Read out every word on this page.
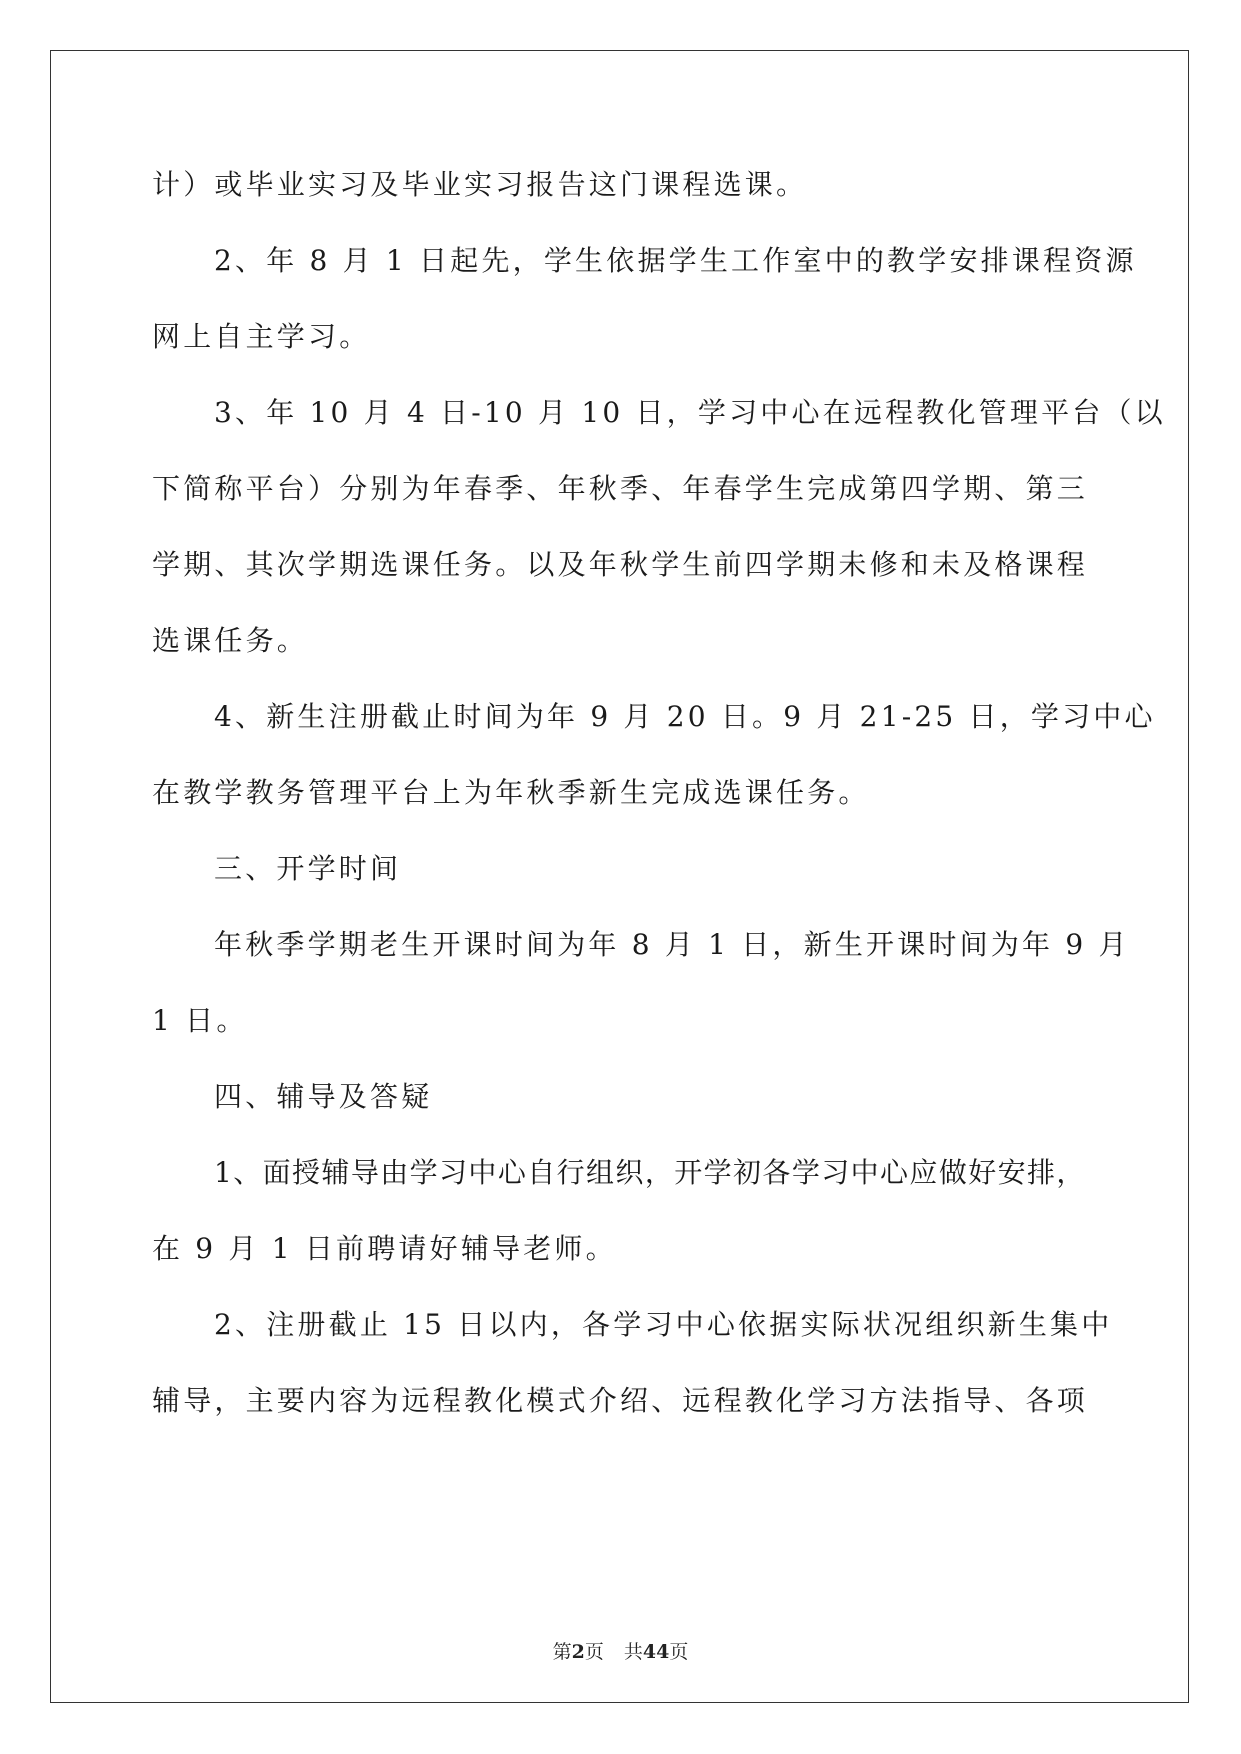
计）或毕业实习及毕业实习报告这门课程选课。
2、年 8 月 1 日起先，学生依据学生工作室中的教学安排课程资源
网上自主学习。
3、年 10 月 4 日-10 月 10 日，学习中心在远程教化管理平台（以
下简称平台）分别为年春季、年秋季、年春学生完成第四学期、第三
学期、其次学期选课任务。以及年秋学生前四学期未修和未及格课程
选课任务。
4、新生注册截止时间为年 9 月 20 日。9 月 21-25 日，学习中心
在教学教务管理平台上为年秋季新生完成选课任务。
三、开学时间
年秋季学期老生开课时间为年 8 月 1 日，新生开课时间为年 9 月
1 日。
四、辅导及答疑
1、面授辅导由学习中心自行组织，开学初各学习中心应做好安排，
在 9 月 1 日前聘请好辅导老师。
2、注册截止 15 日以内，各学习中心依据实际状况组织新生集中
辅导，主要内容为远程教化模式介绍、远程教化学习方法指导、各项
第2页 共44页
